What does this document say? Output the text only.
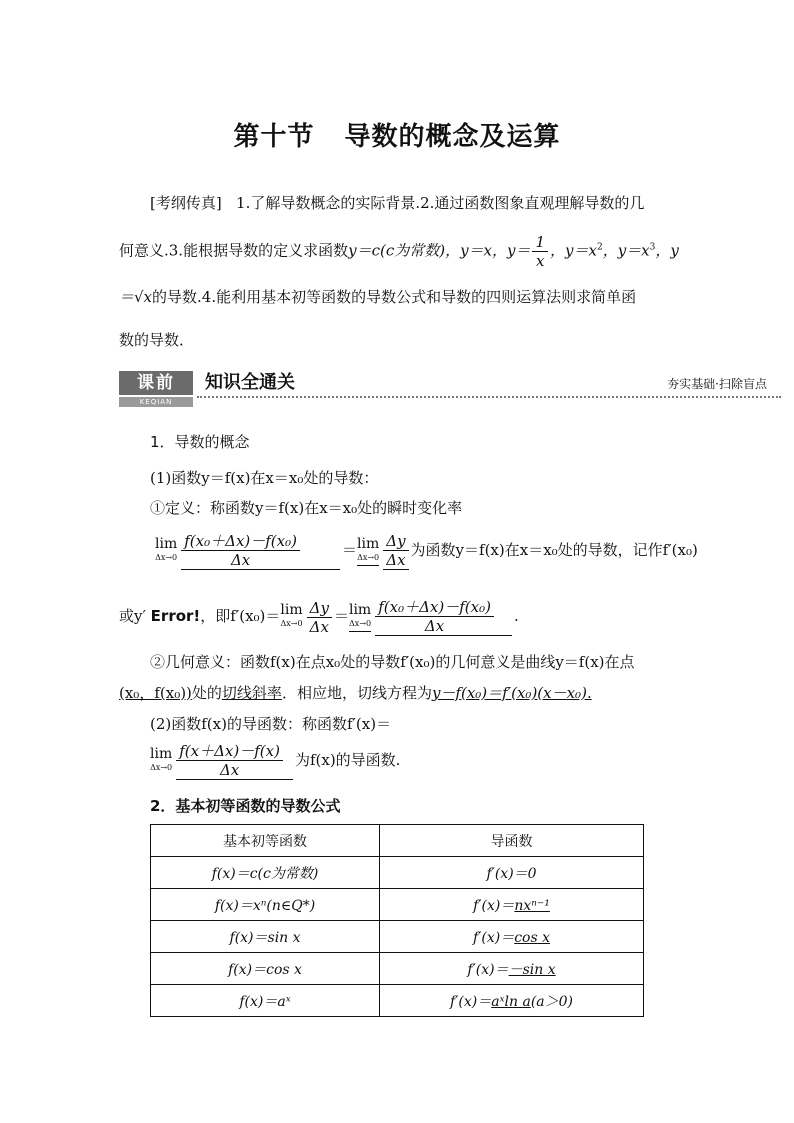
第十节 导数的概念及运算
[考纲传真] 1.了解导数概念的实际背景.2.通过函数图象直观理解导数的几
何意义.3.能根据导数的定义求函数y＝c(c为常数)，y＝x，$y= \frac{1}{x}$ ，$y=x^2$，$y=x^3$，y
＝√x的导数.4.能利用基本初等函数的导数公式和导数的四则运算法则求简单函
数的导数．
课前
KEQIAN
知识全通关	夯实基础·扫除盲点
1．导数的概念
(1)函数y＝f(x)在x＝x₀处的导数：
①定义：称函数y＝f(x)在x＝x₀处的瞬时变化率
lim
$\Delta x\to 0 \frac{\text{f(x₀＋Δx)－f(x₀)}}{\Delta x} = \lim$
$\Delta x\to 0 \frac{\Delta y}{\Delta x}$ 为函数y＝f(x)在x＝x₀处的导数，记作f′(x₀)
或y′ Error!，即f′(x₀)＝ lim
$\Delta x\to 0 \frac{\Delta y}{\Delta x} = \lim$
$\Delta x\to 0 \frac{\text{f(x₀＋Δx)－f(x₀)}}{\Delta x}$ .
②几何意义：函数f(x)在点x₀处的导数f′(x₀)的几何意义是曲线y＝f(x)在点
(x₀，f(x₀))处的切线斜率．相应地，切线方程为y－f(x₀)＝f′(x₀)(x－x₀).
(2)函数f(x)的导函数：称函数f′(x)＝
lim
$\Delta x\to 0 \frac{f(x+\Delta x)-f(x)}{\Delta x}$ 为f(x)的导函数.
2．基本初等函数的导数公式
基本初等函数	导函数
f(x)＝c(c为常数)	f′(x)＝0
f(x)＝xⁿ(n∈Q*)	f′(x)＝nxⁿ⁻¹
f(x)＝sin x	f′(x)＝cos x
f(x)＝cos x	f′(x)＝－sin x
f(x)＝aˣ	f′(x)＝aˣln a(a＞0)
